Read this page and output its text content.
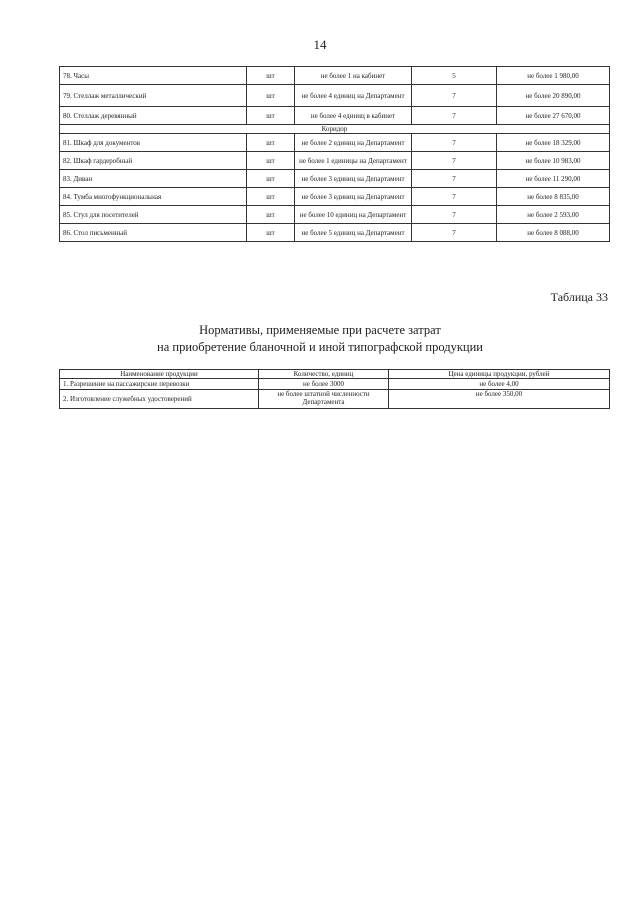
14
78. Часы	шт	не более 1 на кабинет	5	не более 1 980,00
79. Стеллаж металлический	шт	не более 4 единиц на Департамент	7	не более 20 890,00
80. Стеллаж деревянный	шт	не более 4 единиц в кабинет	7	не более 27 670,00
Коридор				
81. Шкаф для документов	шт	не более 2 единиц на Департамент	7	не более 18 329,00
82. Шкаф гардеробный	шт	не более 1 единицы на Департамент	7	не более 10 983,00
83. Диван	шт	не более 3 единиц на Департамент	7	не более 11 290,00
84. Тумба многофункциональная	шт	не более 3 единиц на Департамент	7	не более 8 835,00
85. Стул для посетителей	шт	не более 10 единиц на Департамент	7	не более 2 593,00
86. Стол письменный	шт	не более 5 единиц на Департамент	7	не более 8 088,00
Таблица 33
Нормативы, применяемые при расчете затрат
на приобретение бланочной и иной типографской продукции
Наименование продукции	Количество, единиц	Цена единицы продукции, рублей
1. Разрешение на пассажирские перевозки	не более 3000	не более 4,00
2. Изготовление служебных удостоверений	не более штатной численности Департамента	не более 350,00
